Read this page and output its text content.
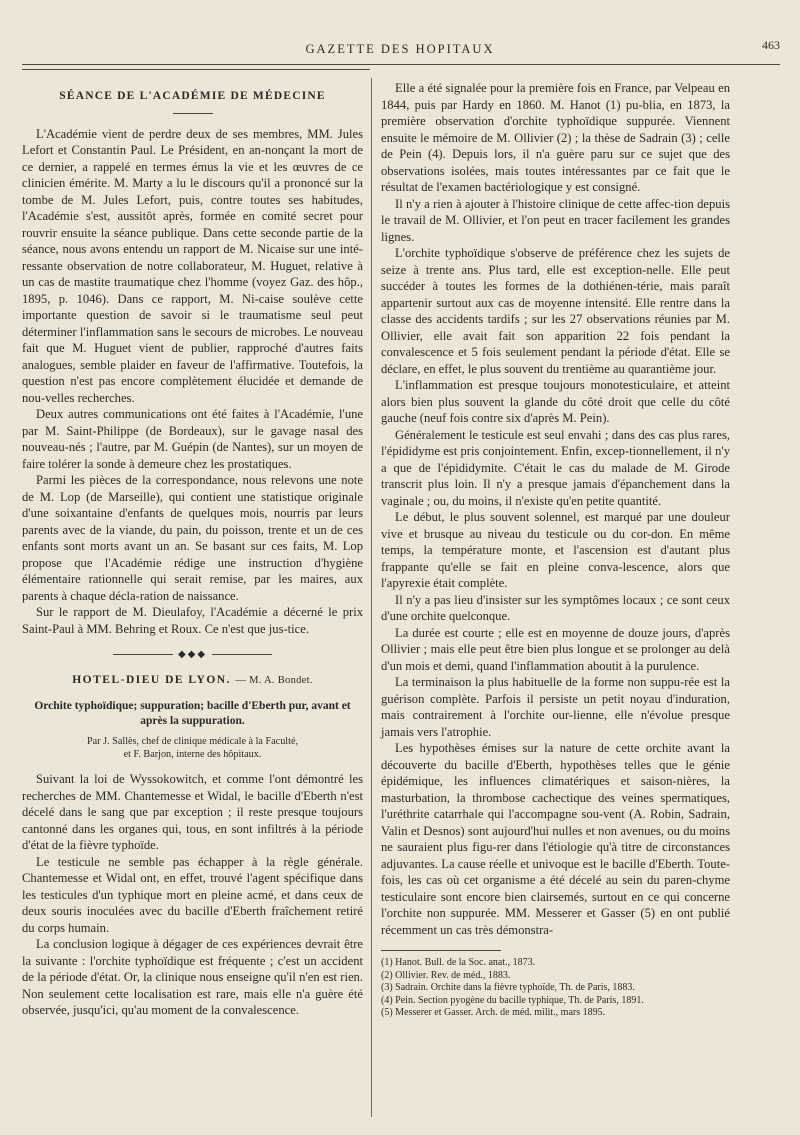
GAZETTE DES HOPITAUX	463
SÉANCE DE L'ACADÉMIE DE MÉDECINE

L'Académie vient de perdre deux de ses membres, MM. Jules Lefort et Constantin Paul. Le Président, en an-nonçant la mort de ce dernier, a rappelé en termes émus la vie et les œuvres de ce clinicien émérite. M. Marty a lu le discours qu'il a prononcé sur la tombe de M. Jules Lefort, puis, contre toutes ses habitudes, l'Académie s'est, aussitôt après, formée en comité secret pour rouvrir ensuite la séance publique. Dans cette seconde partie de la séance, nous avons entendu un rapport de M. Nicaise sur une inté-ressante observation de notre collaborateur, M. Huguet, relative à un cas de mastite traumatique chez l'homme (voyez Gaz. des hôp., 1895, p. 1046). Dans ce rapport, M. Ni-caise soulève cette importante question de savoir si le traumatisme seul peut déterminer l'inflammation sans le secours de microbes. Le nouveau fait que M. Huguet vient de publier, rapproché d'autres faits analogues, semble plaider en faveur de l'affirmative. Toutefois, la question n'est pas encore complètement élucidée et demande de nou-velles recherches.

Deux autres communications ont été faites à l'Académie, l'une par M. Saint-Philippe (de Bordeaux), sur le gavage nasal des nouveau-nés ; l'autre, par M. Guépin (de Nantes), sur un moyen de faire tolérer la sonde à demeure chez les prostatiques.

Parmi les pièces de la correspondance, nous relevons une note de M. Lop (de Marseille), qui contient une statistique originale d'une soixantaine d'enfants de quelques mois, nourris par leurs parents avec de la viande, du pain, du poisson, trente et un de ces enfants sont morts avant un an. Se basant sur ces faits, M. Lop propose que l'Académie rédige une instruction d'hygiène élémentaire rationnelle qui serait remise, par les maires, aux parents à chaque décla-ration de naissance.

Sur le rapport de M. Dieulafoy, l'Académie a décerné le prix Saint-Paul à MM. Behring et Roux. Ce n'est que jus-tice.

◆◆◆
HOTEL-DIEU DE LYON. — M. A. Bondet.
Orchite typhoïdique; suppuration; bacille d'Eberth pur, avant et après la suppuration.
Par J. Sallès, chef de clinique médicale à la Faculté,
et F. Barjon, interne des hôpitaux.

Suivant la loi de Wyssokowitch, et comme l'ont démontré les recherches de MM. Chantemesse et Widal, le bacille d'Eberth n'est décelé dans le sang que par exception ; il reste presque toujours cantonné dans les organes qui, tous, en sont infiltrés à la période d'état de la fièvre typhoïde.

Le testicule ne semble pas échapper à la règle générale. Chantemesse et Widal ont, en effet, trouvé l'agent spécifique dans les testicules d'un typhique mort en pleine acmé, et dans ceux de deux souris inoculées avec du bacille d'Eberth fraîchement retiré du corps humain.

La conclusion logique à dégager de ces expériences devrait être la suivante : l'orchite typhoïdique est fréquente ; c'est un accident de la période d'état. Or, la clinique nous enseigne qu'il n'en est rien. Non seulement cette localisation est rare, mais elle n'a guère été observée, jusqu'ici, qu'au moment de la convalescence.

Elle a été signalée pour la première fois en France, par Velpeau en 1844, puis par Hardy en 1860. M. Hanot (1) pu-blia, en 1873, la première observation d'orchite typhoïdique suppurée. Viennent ensuite le mémoire de M. Ollivier (2) ; la thèse de Sadrain (3) ; celle de Pein (4). Depuis lors, il n'a guère paru sur ce sujet que des observations isolées, mais toutes intéressantes par ce fait que le résultat de l'examen bactériologique y est consigné.

Il n'y a rien à ajouter à l'histoire clinique de cette affec-tion depuis le travail de M. Ollivier, et l'on peut en tracer facilement les grandes lignes.

L'orchite typhoïdique s'observe de préférence chez les sujets de seize à trente ans. Plus tard, elle est exception-nelle. Elle peut succéder à toutes les formes de la dothiénen-térie, mais paraît appartenir surtout aux cas de moyenne intensité. Elle rentre dans la classe des accidents tardifs ; sur les 27 observations réunies par M. Ollivier, elle avait fait son apparition 22 fois pendant la convalescence et 5 fois seulement pendant la période d'état. Elle se déclare, en effet, le plus souvent du trentième au quarantième jour.

L'inflammation est presque toujours monotesticulaire, et atteint alors bien plus souvent la glande du côté droit que celle du côté gauche (neuf fois contre six d'après M. Pein).

Généralement le testicule est seul envahi ; dans des cas plus rares, l'épididyme est pris conjointement. Enfin, excep-tionnellement, il n'y a que de l'épididymite. C'était le cas du malade de M. Girode transcrit plus loin. Il n'y a presque jamais d'épanchement dans la vaginale ; ou, du moins, il n'existe qu'en petite quantité.

Le début, le plus souvent solennel, est marqué par une douleur vive et brusque au niveau du testicule ou du cor-don. En même temps, la température monte, et l'ascension est d'autant plus frappante qu'elle se fait en pleine conva-lescence, alors que l'apyrexie était complète.

Il n'y a pas lieu d'insister sur les symptômes locaux ; ce sont ceux d'une orchite quelconque.

La durée est courte ; elle est en moyenne de douze jours, d'après Ollivier ; mais elle peut être bien plus longue et se prolonger au delà d'un mois et demi, quand l'inflammation aboutit à la purulence.

La terminaison la plus habituelle de la forme non suppu-rée est la guérison complète. Parfois il persiste un petit noyau d'induration, mais contrairement à l'orchite our-lienne, elle n'évolue presque jamais vers l'atrophie.

Les hypothèses émises sur la nature de cette orchite avant la découverte du bacille d'Eberth, hypothèses telles que le génie épidémique, les influences climatériques et saison-nières, la masturbation, la thrombose cachectique des veines spermatiques, l'uréthrite catarrhale qui l'accompagne sou-vent (A. Robin, Sadrain, Valin et Desnos) sont aujourd'hui nulles et non avenues, ou du moins ne sauraient plus figu-rer dans l'étiologie qu'à titre de circonstances adjuvantes. La cause réelle et univoque est le bacille d'Eberth. Toute-fois, les cas où cet organisme a été décelé au sein du paren-chyme testiculaire sont encore bien clairsemés, surtout en ce qui concerne l'orchite non suppurée. MM. Messerer et Gasser (5) en ont publié récemment un cas très démonstra-

(1) Hanot. Bull. de la Soc. anat., 1873.
(2) Ollivier. Rev. de méd., 1883.
(3) Sadrain. Orchite dans la fièvre typhoïde, Th. de Paris, 1883.
(4) Pein. Section pyogène du bacille typhique, Th. de Paris, 1891.
(5) Messerer et Gasser. Arch. de méd. milit., mars 1895.
